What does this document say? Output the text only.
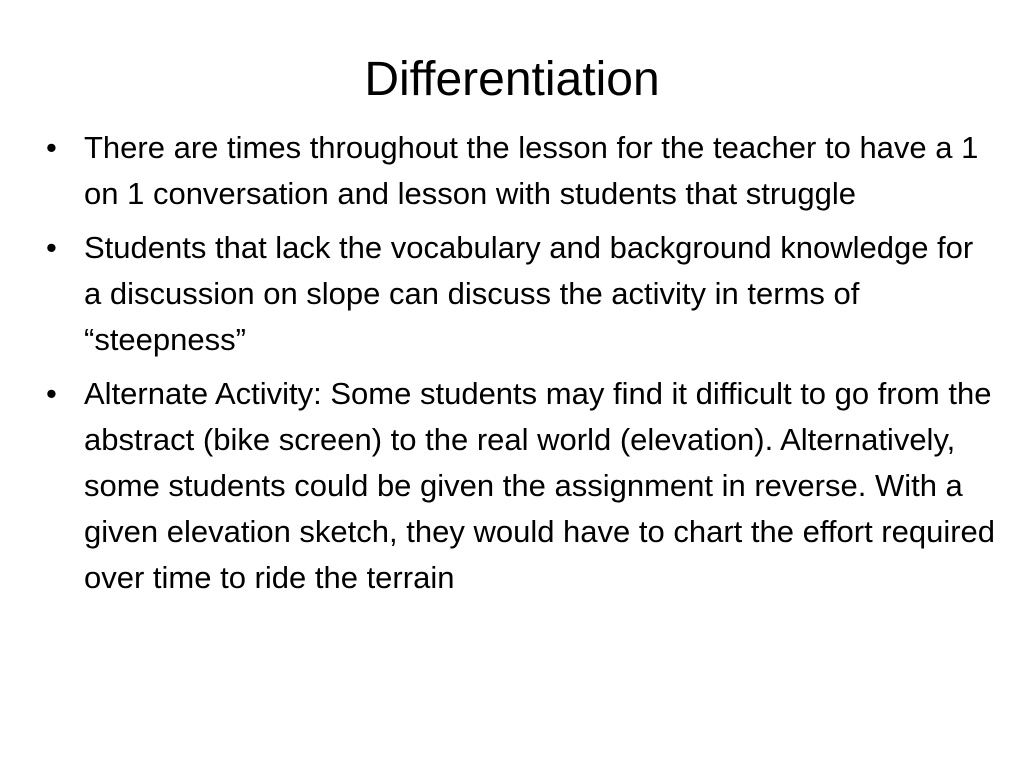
Differentiation
• There are times throughout the lesson for the teacher to have a 1 on 1 conversation and lesson with students that struggle
• Students that lack the vocabulary and background knowledge for a discussion on slope can discuss the activity in terms of “steepness”
• Alternate Activity: Some students may find it difficult to go from the abstract (bike screen) to the real world (elevation). Alternatively, some students could be given the assignment in reverse. With a given elevation sketch, they would have to chart the effort required over time to ride the terrain
